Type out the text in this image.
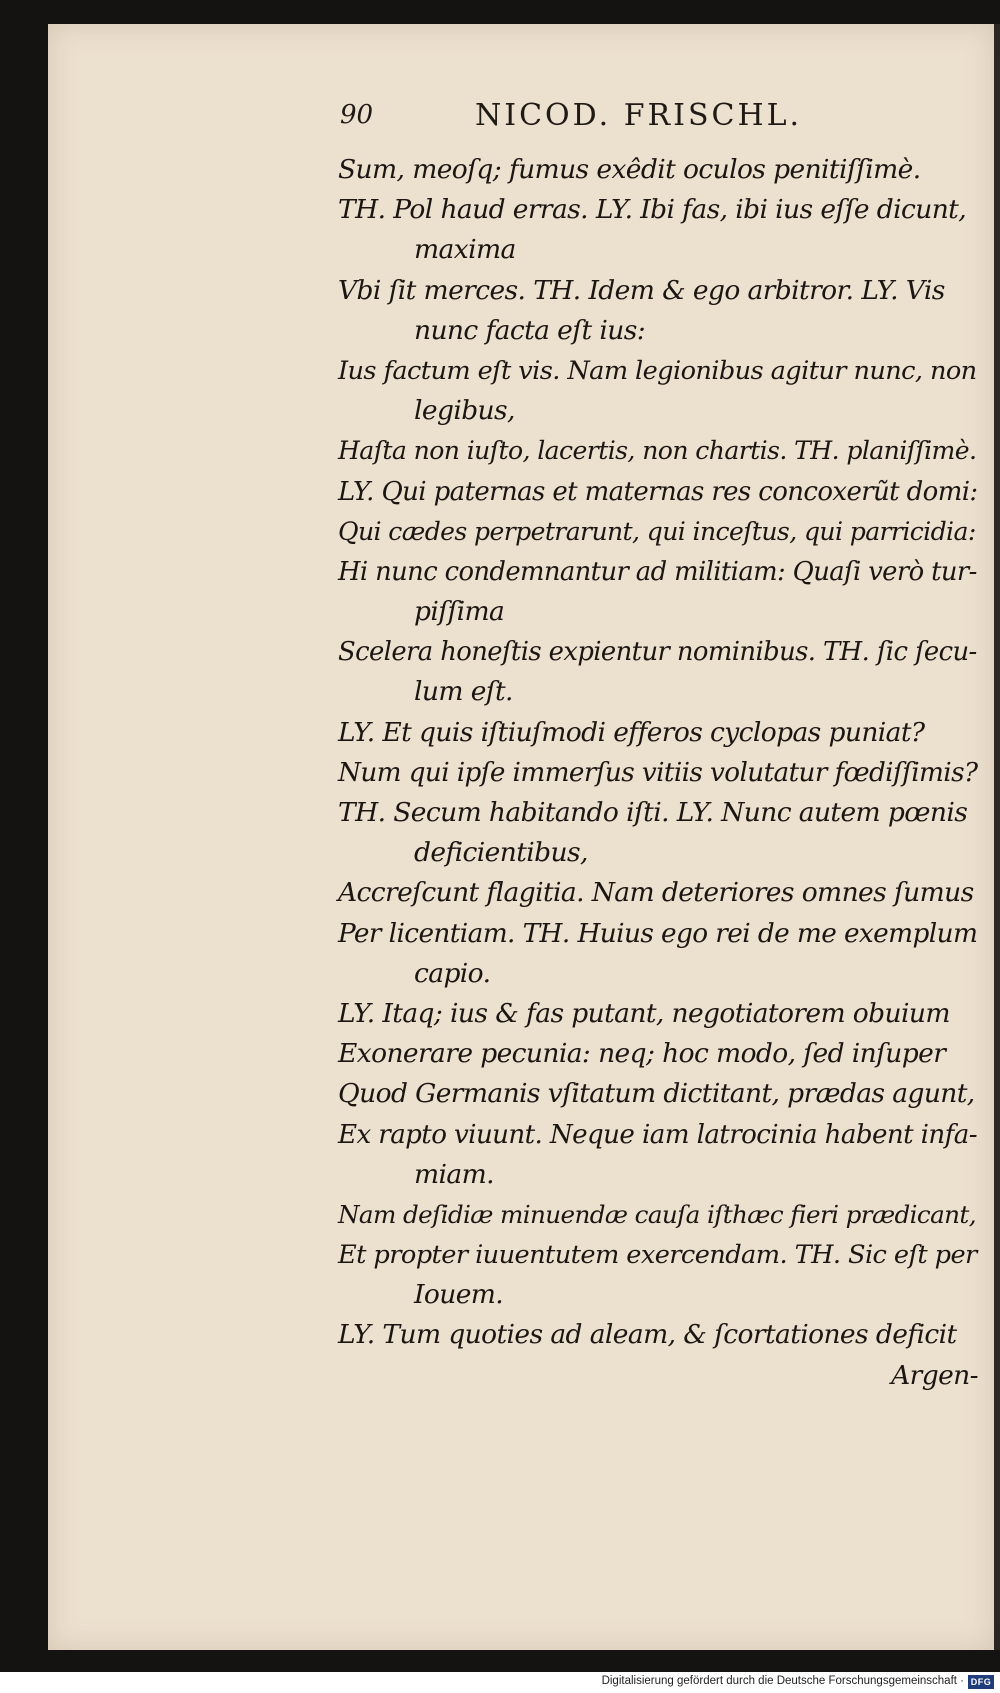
90	NICOD. FRISCHL.
Sum, meoſq; fumus exêdit oculos penitiſſimè.
TH. Pol haud erras. LY. Ibi fas, ibi ius eſſe dicunt,
maxima
Vbi ſit merces. TH. Idem & ego arbitror. LY. Vis
nunc facta eſt ius:
Ius factum eſt vis. Nam legionibus agitur nunc, non
legibus,
Haſta non iuſto, lacertis, non chartis. TH. planiſſimè.
LY. Qui paternas et maternas res concoxerũt domi:
Qui cædes perpetrarunt, qui inceſtus, qui parricidia:
Hi nunc condemnantur ad militiam: Quaſi verò tur-
piſſima
Scelera honeſtis expientur nominibus. TH. ſic ſecu-
lum eſt.
LY. Et quis iſtiuſmodi efferos cyclopas puniat?
Num qui ipſe immerſus vitiis volutatur fœdiſſimis?
TH. Secum habitando iſti. LY. Nunc autem pœnis
deficientibus,
Accreſcunt flagitia. Nam deteriores omnes ſumus
Per licentiam. TH. Huius ego rei de me exemplum
capio.
LY. Itaq; ius & fas putant, negotiatorem obuium
Exonerare pecunia: neq; hoc modo, ſed inſuper
Quod Germanis vſitatum dictitant, prædas agunt,
Ex rapto viuunt. Neque iam latrocinia habent infa-
miam.
Nam deſidiæ minuendæ cauſa iſthæc fieri prædicant,
Et propter iuuentutem exercendam. TH. Sic eſt per
Iouem.
LY. Tum quoties ad aleam, & ſcortationes deficit
Argen-
Digitalisierung gefördert durch die Deutsche Forschungsgemeinschaft · DFG
